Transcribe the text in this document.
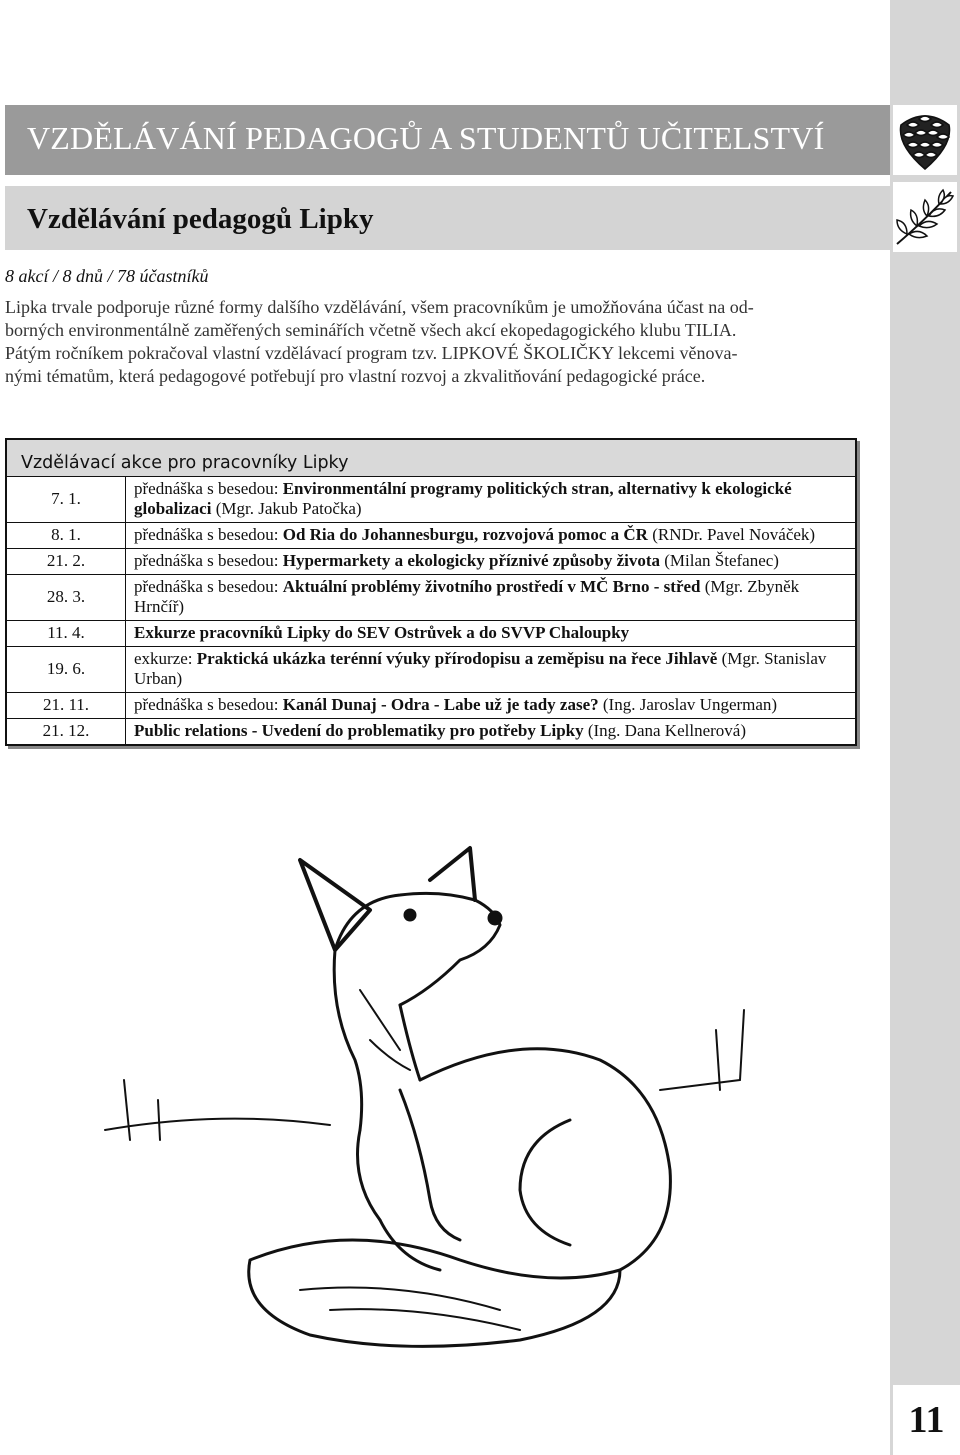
VZDĚLÁVÁNÍ PEDAGOGŮ A STUDENTŮ UČITELSTVÍ
Vzdělávání pedagogů Lipky
8 akcí / 8 dnů / 78 účastníků
Lipka trvale podporuje různé formy dalšího vzdělávání, všem pracovníkům je umožňována účast na od-
borných environmentálně zaměřených seminářích včetně všech akcí ekopedagogického klubu TILIA.
Pátým ročníkem pokračoval vlastní vzdělávací program tzv. LIPKOVÉ ŠKOLIČKY lekcemi věnova-
nými tématům, která pedagogové potřebují pro vlastní rozvoj a zkvalitňování pedagogické práce.
Vzdělávací akce pro pracovníky Lipky
7. 1.	přednáška s besedou: Environmentální programy politických stran, alternativy k ekologické globalizaci (Mgr. Jakub Patočka)
8. 1.	přednáška s besedou: Od Ria do Johannesburgu, rozvojová pomoc a ČR (RNDr. Pavel Nováček)
21. 2.	přednáška s besedou: Hypermarkety a ekologicky příznivé způsoby života (Milan Štefanec)
28. 3.	přednáška s besedou: Aktuální problémy životního prostředí v MČ Brno - střed (Mgr. Zbyněk Hrnčíř)
11. 4.	Exkurze pracovníků Lipky do SEV Ostrůvek a do SVVP Chaloupky
19. 6.	exkurze: Praktická ukázka terénní výuky přírodopisu a zeměpisu na řece Jihlavě (Mgr. Stanislav Urban)
21. 11.	přednáška s besedou: Kanál Dunaj - Odra - Labe už je tady zase? (Ing. Jaroslav Ungerman)
21. 12.	Public relations - Uvedení do problematiky pro potřeby Lipky (Ing. Dana Kellnerová)
11
